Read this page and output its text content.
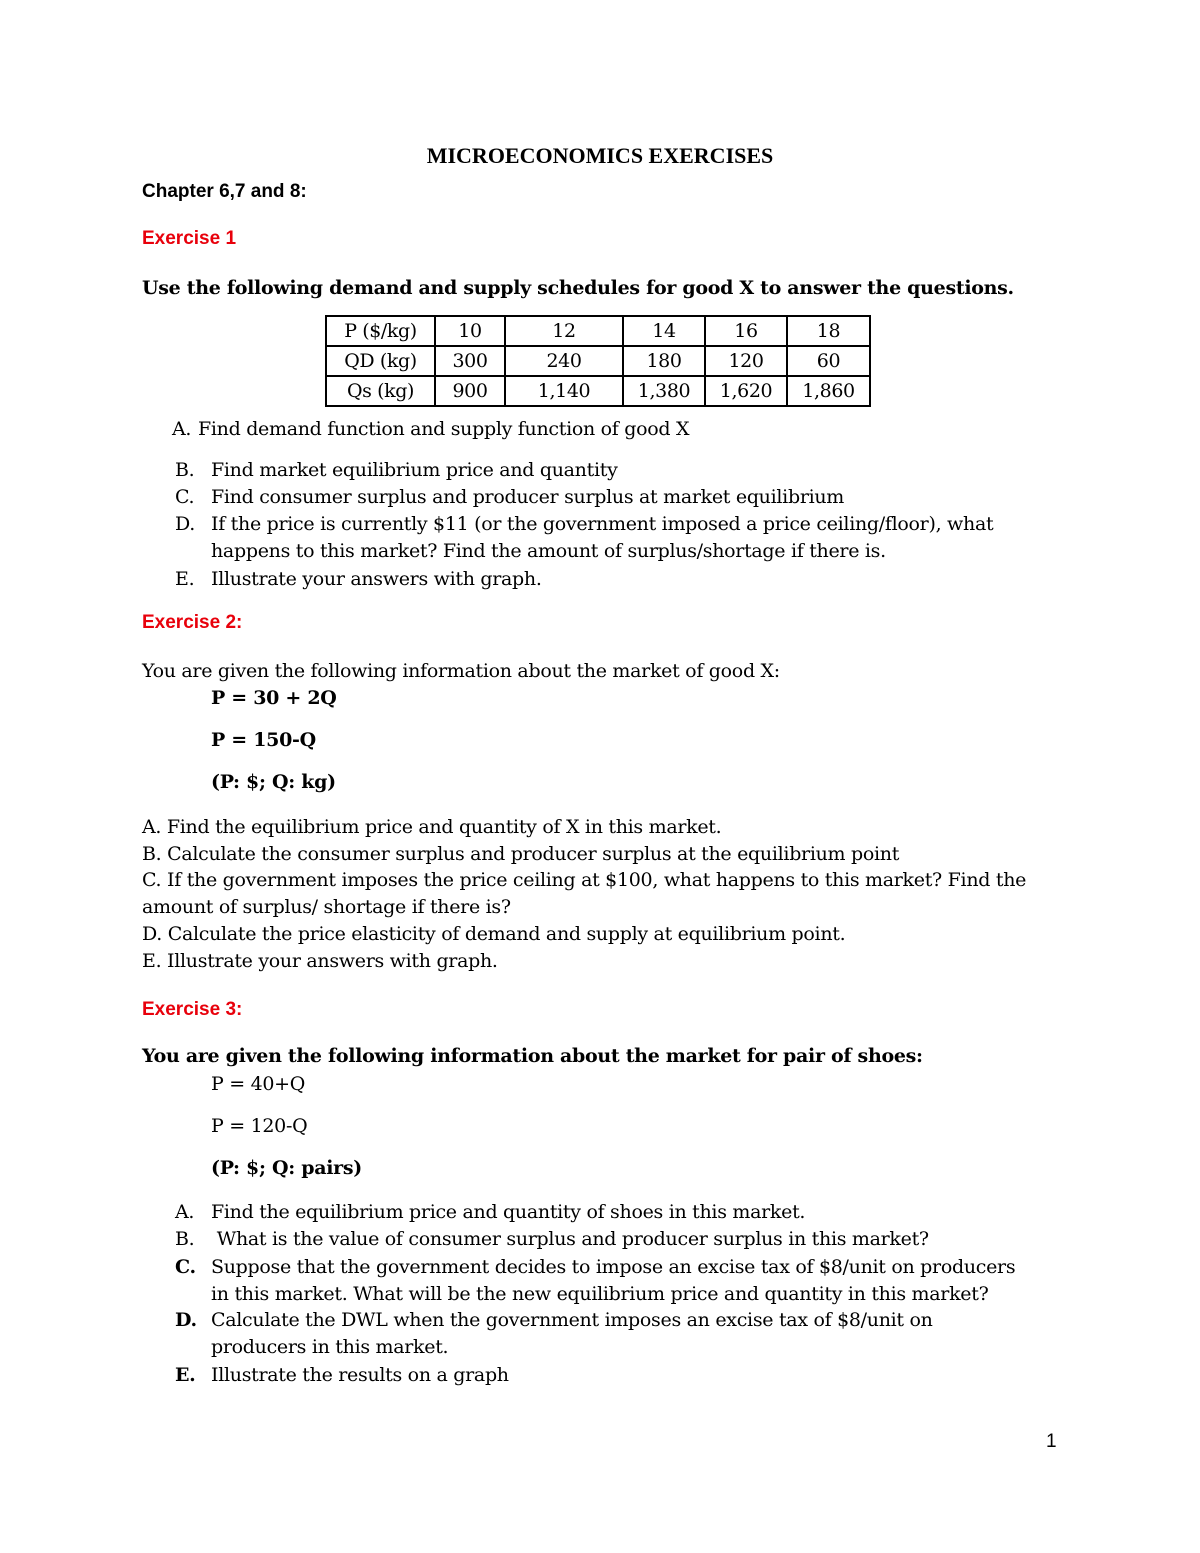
MICROECONOMICS EXERCISES
Chapter 6,7 and 8:
Exercise 1
Use the following demand and supply schedules for good X to answer the questions.
P ($/kg)	10	12	14	16	18
QD (kg)	300	240	180	120	60
Qs (kg)	900	1,140	1,380	1,620	1,860
A. Find demand function and supply function of good X
B. Find market equilibrium price and quantity
C. Find consumer surplus and producer surplus at market equilibrium
D. If the price is currently $11 (or the government imposed a price ceiling/floor), what happens to this market? Find the amount of surplus/shortage if there is.
E. Illustrate your answers with graph.
Exercise 2:
You are given the following information about the market of good X:
P = 30 + 2Q
P = 150-Q
(P: $; Q: kg)
A. Find the equilibrium price and quantity of X in this market.
B. Calculate the consumer surplus and producer surplus at the equilibrium point
C. If the government imposes the price ceiling at $100, what happens to this market? Find the amount of surplus/ shortage if there is?
D. Calculate the price elasticity of demand and supply at equilibrium point.
E. Illustrate your answers with graph.
Exercise 3:
You are given the following information about the market for pair of shoes:
P = 40+Q
P = 120-Q
(P: $; Q: pairs)
A. Find the equilibrium price and quantity of shoes in this market.
B. What is the value of consumer surplus and producer surplus in this market?
C. Suppose that the government decides to impose an excise tax of $8/unit on producers in this market. What will be the new equilibrium price and quantity in this market?
D. Calculate the DWL when the government imposes an excise tax of $8/unit on producers in this market.
E. Illustrate the results on a graph
1
